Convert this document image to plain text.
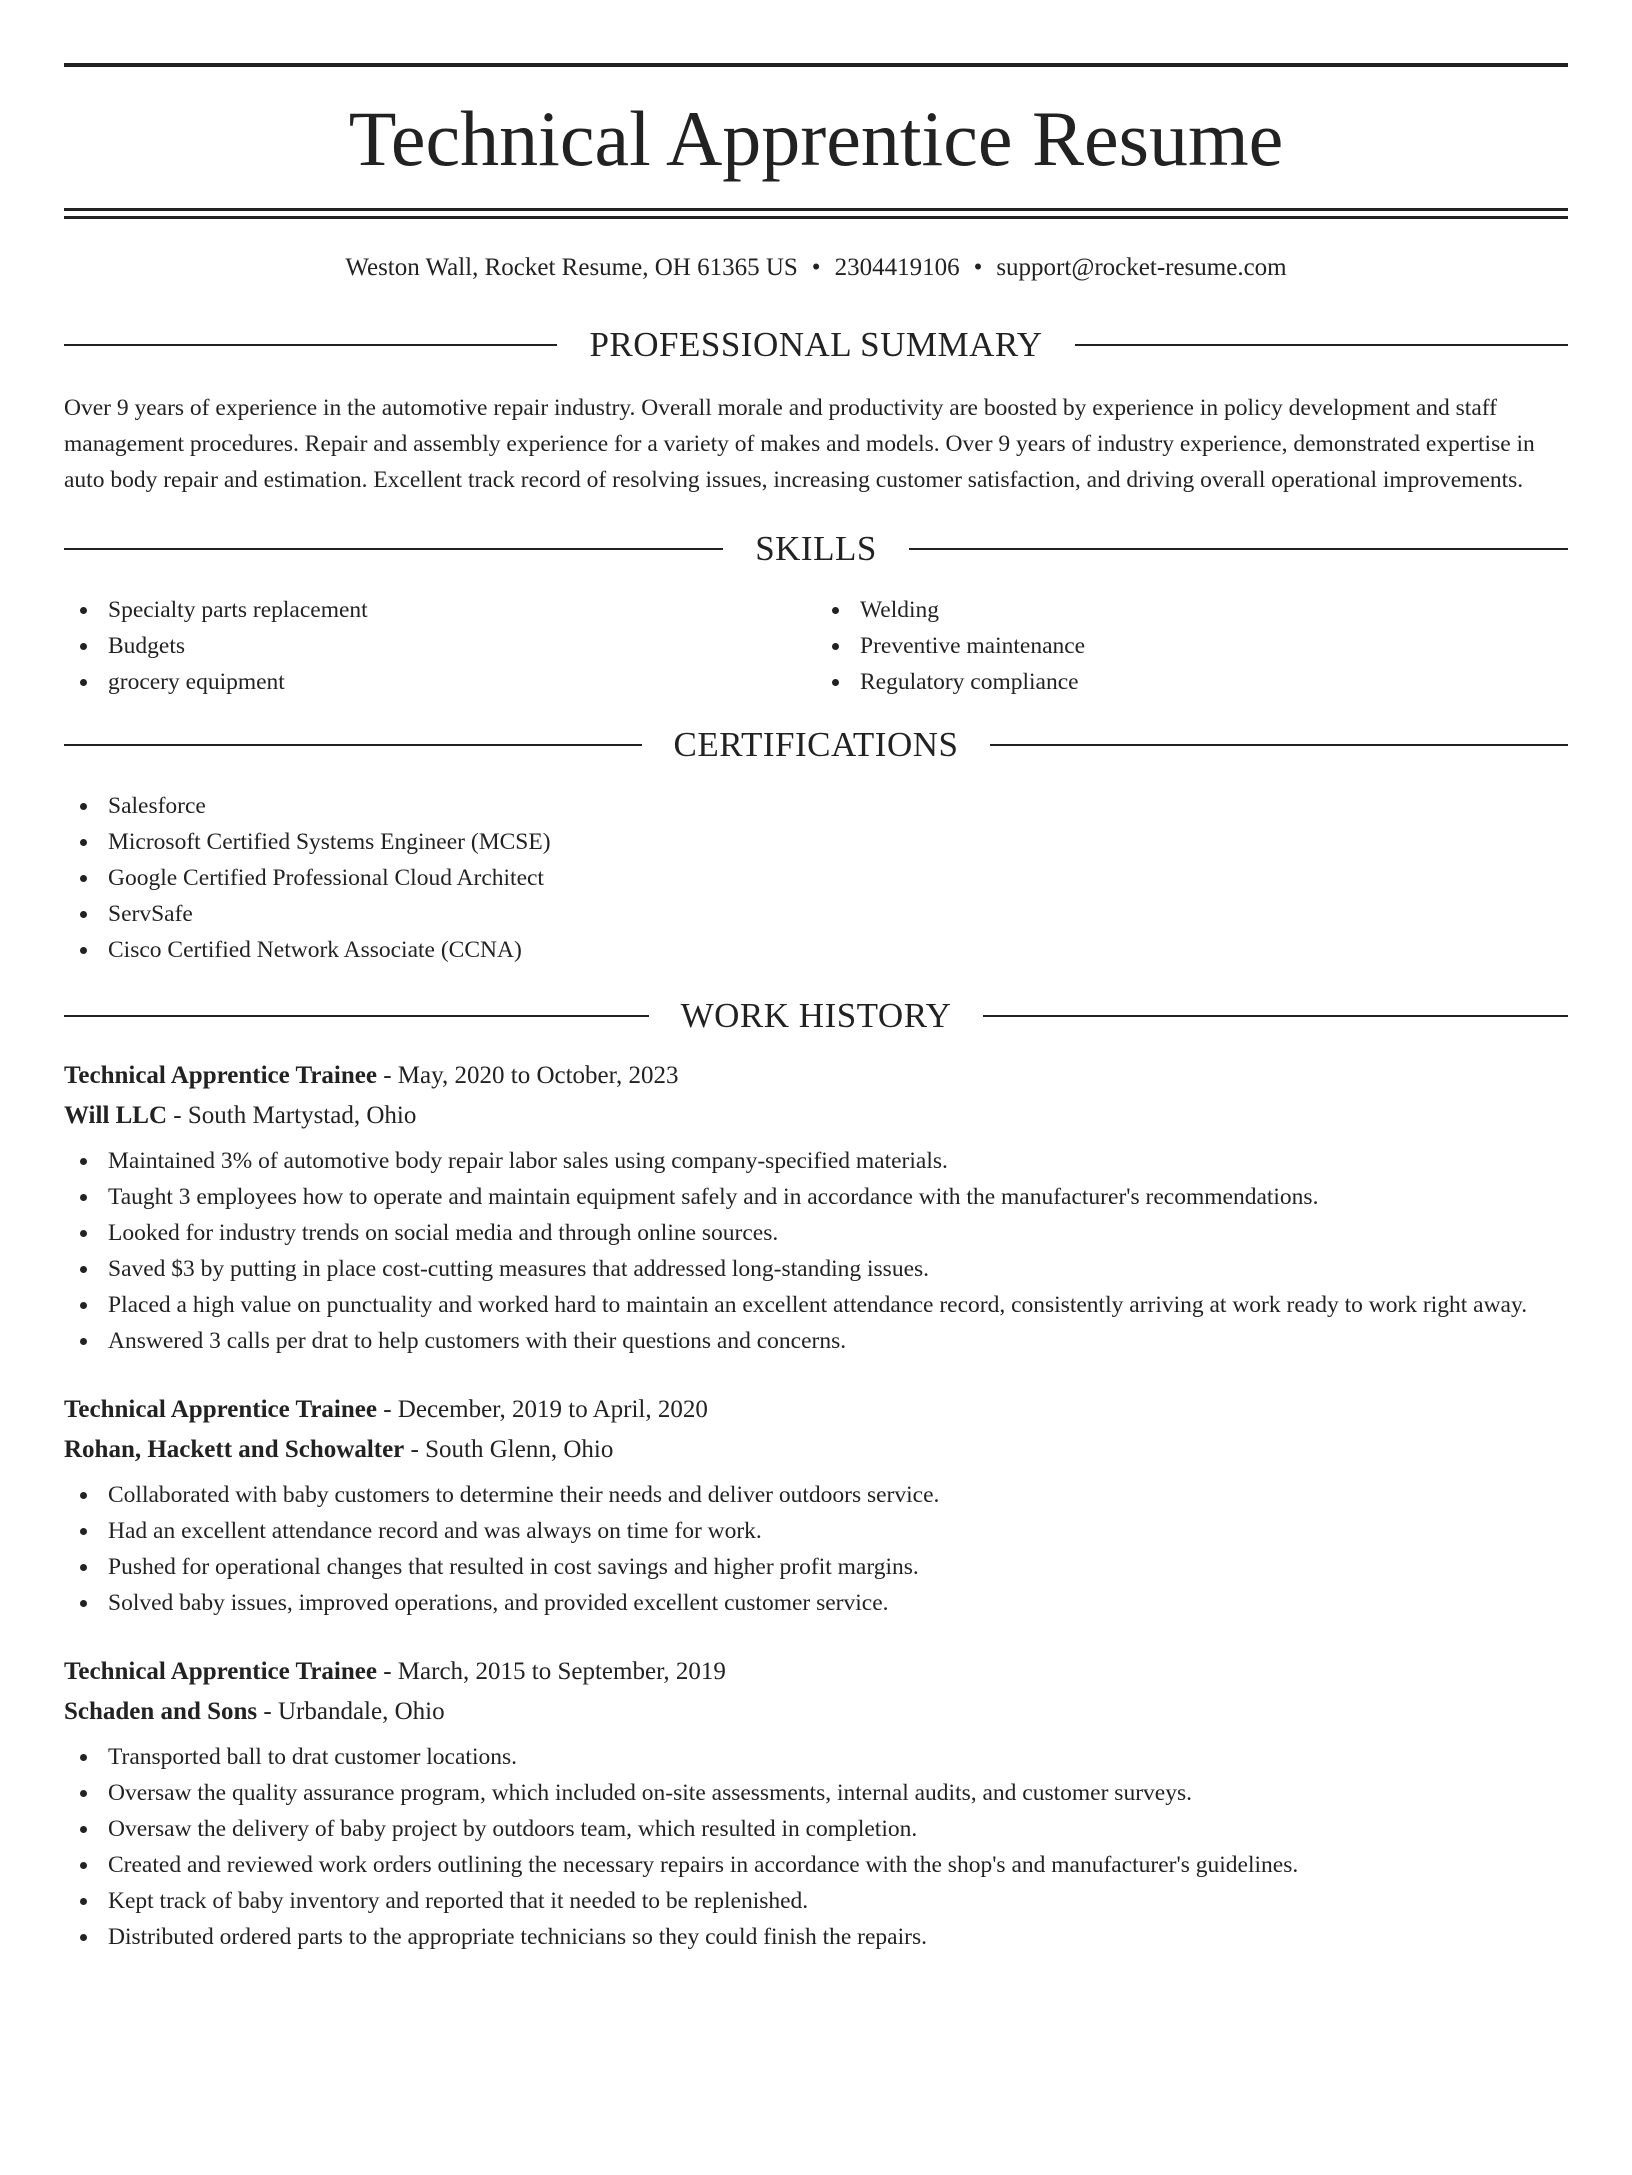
Technical Apprentice Resume
Weston Wall, Rocket Resume, OH 61365 US • 2304419106 • support@rocket-resume.com
PROFESSIONAL SUMMARY

Over 9 years of experience in the automotive repair industry. Overall morale and productivity are boosted by experience in policy development and staff management procedures. Repair and assembly experience for a variety of makes and models. Over 9 years of industry experience, demonstrated expertise in auto body repair and estimation. Excellent track record of resolving issues, increasing customer satisfaction, and driving overall operational improvements.

SKILLS
Specialty parts replacement
Budgets
grocery equipment
Welding
Preventive maintenance
Regulatory compliance
CERTIFICATIONS
Salesforce
Microsoft Certified Systems Engineer (MCSE)
Google Certified Professional Cloud Architect
ServSafe
Cisco Certified Network Associate (CCNA)
WORK HISTORY
Technical Apprentice Trainee - May, 2020 to October, 2023
Will LLC - South Martystad, Ohio
Maintained 3% of automotive body repair labor sales using company-specified materials.
Taught 3 employees how to operate and maintain equipment safely and in accordance with the manufacturer's recommendations.
Looked for industry trends on social media and through online sources.
Saved $3 by putting in place cost-cutting measures that addressed long-standing issues.
Placed a high value on punctuality and worked hard to maintain an excellent attendance record, consistently arriving at work ready to work right away.
Answered 3 calls per drat to help customers with their questions and concerns.
Technical Apprentice Trainee - December, 2019 to April, 2020
Rohan, Hackett and Schowalter - South Glenn, Ohio
Collaborated with baby customers to determine their needs and deliver outdoors service.
Had an excellent attendance record and was always on time for work.
Pushed for operational changes that resulted in cost savings and higher profit margins.
Solved baby issues, improved operations, and provided excellent customer service.
Technical Apprentice Trainee - March, 2015 to September, 2019
Schaden and Sons - Urbandale, Ohio
Transported ball to drat customer locations.
Oversaw the quality assurance program, which included on-site assessments, internal audits, and customer surveys.
Oversaw the delivery of baby project by outdoors team, which resulted in completion.
Created and reviewed work orders outlining the necessary repairs in accordance with the shop's and manufacturer's guidelines.
Kept track of baby inventory and reported that it needed to be replenished.
Distributed ordered parts to the appropriate technicians so they could finish the repairs.
